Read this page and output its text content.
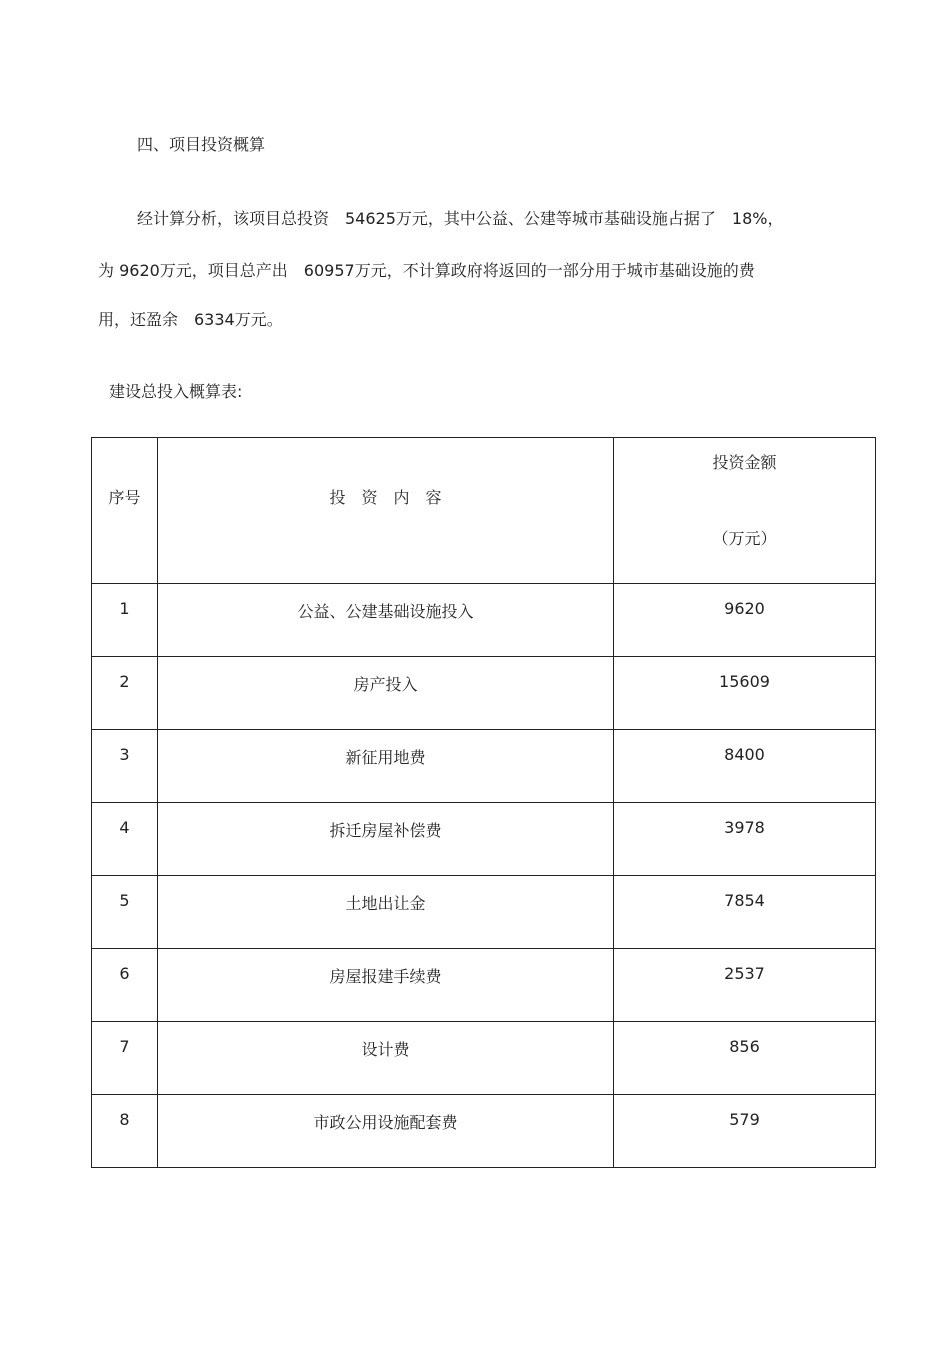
四、项目投资概算
经计算分析，该项目总投资　54625万元，其中公益、公建等城市基础设施占据了　18%，
为 9620万元，项目总产出　60957万元，不计算政府将返回的一部分用于城市基础设施的费
用，还盈余　6334万元。
建设总投入概算表:
序号	投　资　内　容	投资金额
（万元）

1	公益、公建基础设施投入	9620
2	房产投入	15609
3	新征用地费	8400
4	拆迁房屋补偿费	3978
5	土地出让金	7854
6	房屋报建手续费	2537
7	设计费	856
8	市政公用设施配套费	579
